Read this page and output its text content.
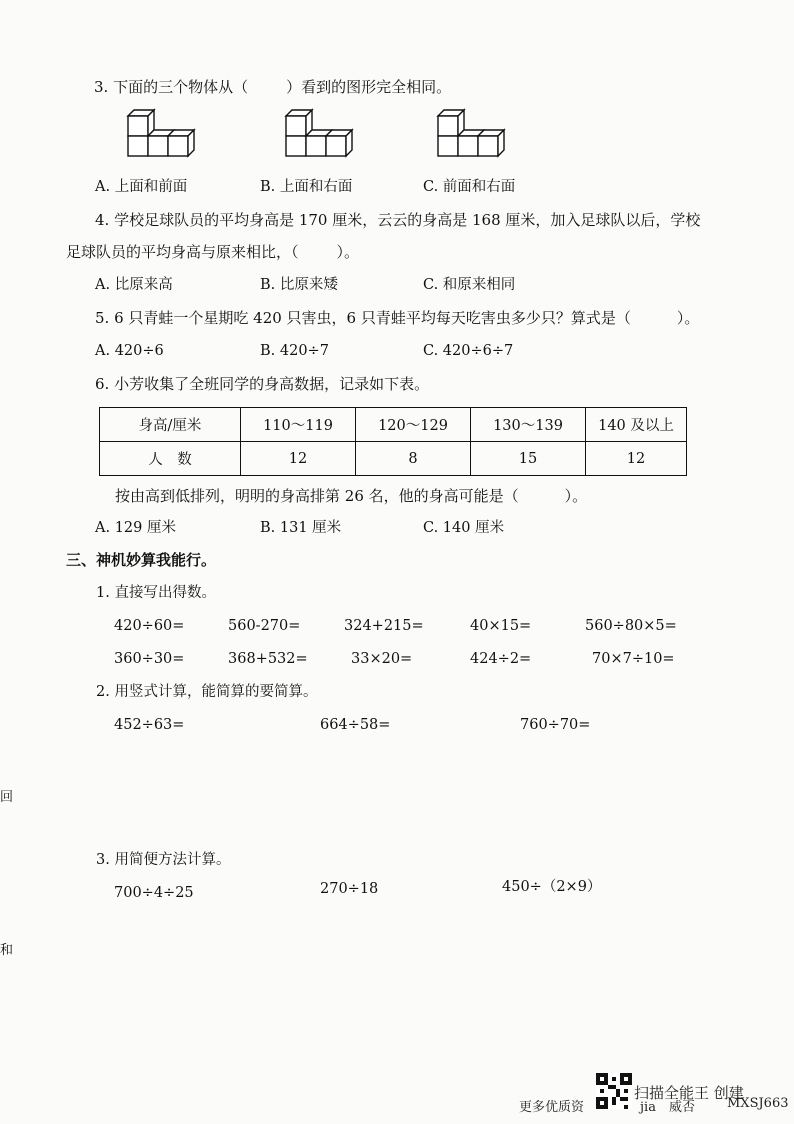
3. 下面的三个物体从（	）看到的图形完全相同。
A. 上面和前面	B. 上面和右面	C. 前面和右面
4. 学校足球队员的平均身高是 170 厘米，云云的身高是 168 厘米，加入足球队以后，学校
足球队员的平均身高与原来相比，（	）。
A. 比原来高	B. 比原来矮	C. 和原来相同
5. 6 只青蛙一个星期吃 420 只害虫，6 只青蛙平均每天吃害虫多少只？算式是（	）。
A. 420÷6	B. 420÷7	C. 420÷6÷7
6. 小芳收集了全班同学的身高数据，记录如下表。
身高/厘米	110～119	120～129	130～139	140 及以上
人　数	12	8	15	12
按由高到低排列，明明的身高排第 26 名，他的身高可能是（	）。
A. 129 厘米	B. 131 厘米	C. 140 厘米
三、神机妙算我能行。
1. 直接写出得数。
420÷60=	560-270=	324+215=	40×15=	560÷80×5=
360÷30=	368+532=	33×20=	424÷2=	70×7÷10=
2. 用竖式计算，能简算的要简算。
452÷63=	664÷58=	760÷70=
3. 用简便方法计算。
700÷4÷25	270÷18	450÷（2×9）
回
和
更多优质资
扫描全能王 创建
jia　威否 MXSJ663
